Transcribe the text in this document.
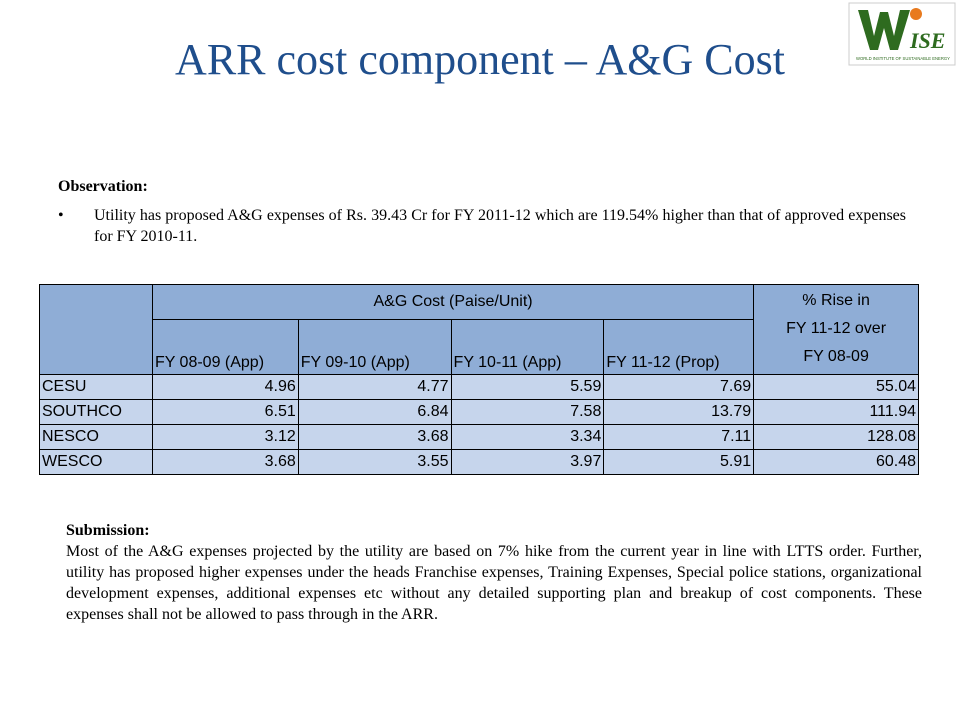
ARR cost component – A&G Cost	ISE
WORLD INSTITUTE OF SUSTAINABLE ENERGY
Observation:
•	Utility has proposed A&G expenses of Rs. 39.43 Cr for FY 2011-12 which are 119.54% higher than that of approved expenses for FY 2010-11.
	A&G Cost (Paise/Unit)				% Rise in
FY 11-12 over
FY 08-09

	FY 08-09 (App)	FY 09-10 (App)	FY 10-11 (App)	FY 11-12 (Prop)	
CESU	4.96	4.77	5.59	7.69	55.04
SOUTHCO	6.51	6.84	7.58	13.79	111.94
NESCO	3.12	3.68	3.34	7.11	128.08
WESCO	3.68	3.55	3.97	5.91	60.48
Submission:
Most of the A&G expenses projected by the utility are based on 7% hike from the current year in line with LTTS order. Further, utility has proposed higher expenses under the heads Franchise expenses, Training Expenses, Special police stations, organizational development expenses, additional expenses etc without any detailed supporting plan and breakup of cost components. These expenses shall not be allowed to pass through in the ARR.
